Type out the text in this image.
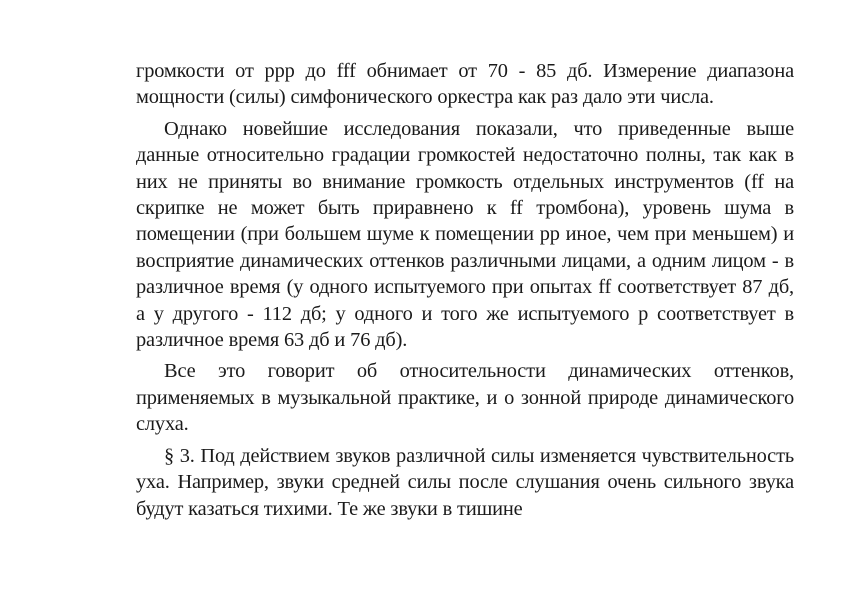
громкости от ppp до fff обнимает от 70 - 85 дб. Измерение диапазона мощности (силы) симфонического оркестра как раз дало эти числа.

Однако новейшие исследования показали, что приведенные выше данные относительно градации громкостей недостаточно полны, так как в них не приняты во внимание громкость отдельных инструментов (ff на скрипке не может быть приравнено к ff тромбона), уровень шума в помещении (при большем шуме к помещении pp иное, чем при меньшем) и восприятие динамических оттенков различными лицами, а одним лицом - в различное время (у одного испытуемого при опытах ff соответствует 87 дб, а у другого - 112 дб; у одного и того же испытуемого p соответствует в различное время 63 дб и 76 дб).

Все это говорит об относительности динамических оттенков, применяемых в музыкальной практике, и о зонной природе динамического слуха.

§ 3. Под действием звуков различной силы изменяется чувствительность уха. Например, звуки средней силы после слушания очень сильного звука будут казаться тихими. Те же звуки в тишине
